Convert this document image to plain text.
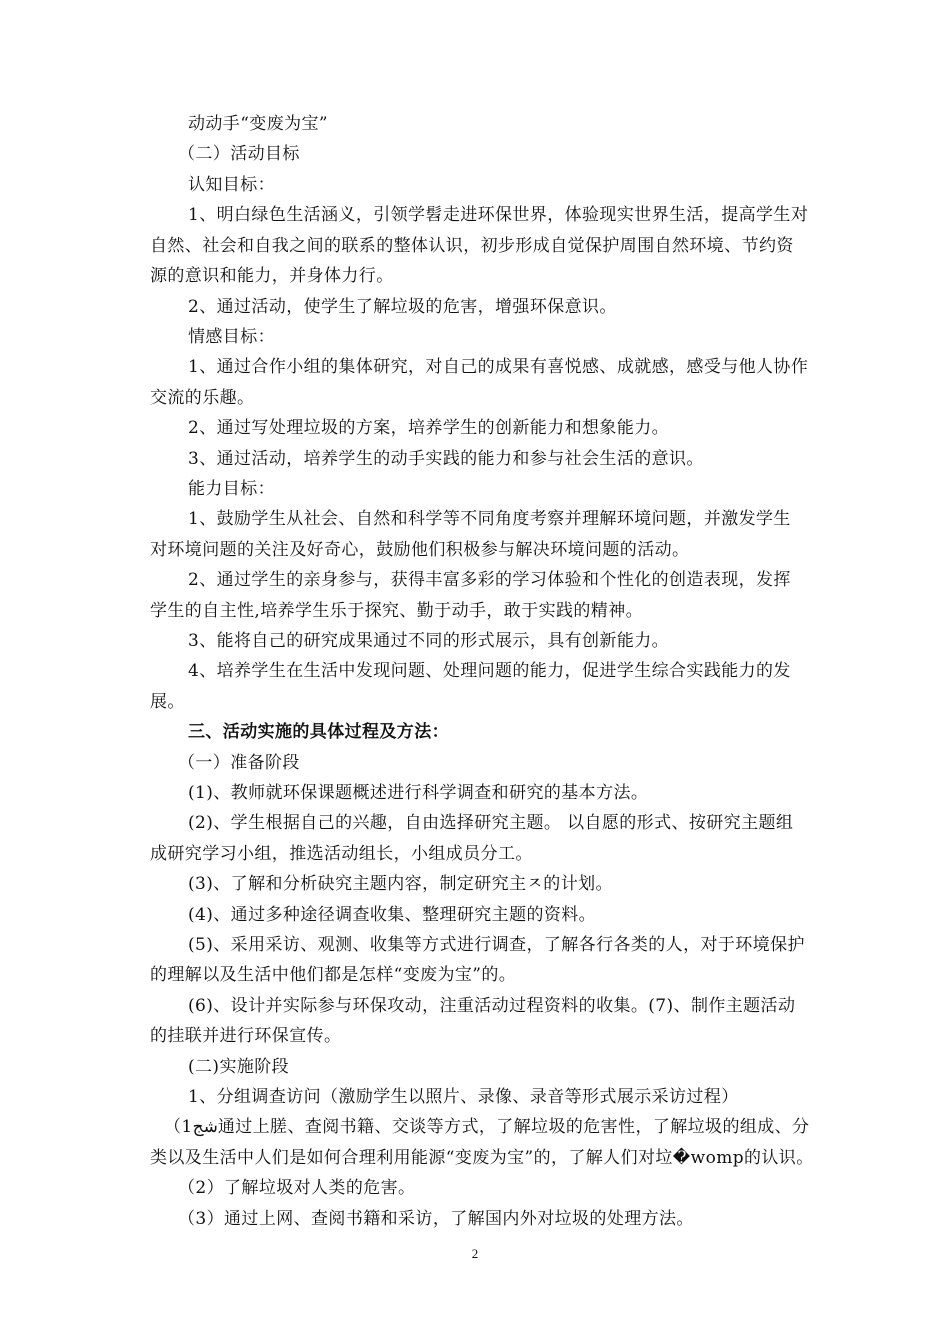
动动手“变废为宝”
（二）活动目标
认知目标：
1、明白绿色生活涵义，引领学髫走进环保世界，体验现实世界生活，提高学生对
自然、社会和自我之间的联系的整体认识，初步形成自觉保护周围自然环境、节约资
源的意识和能力，并身体力行。
2、通过活动，使学生了解垃圾的危害，增强环保意识。
情感目标：
1、通过合作小组的集体研究，对自己的成果有喜悦感、成就感，感受与他人协作
交流的乐趣。
2、通过写处理垃圾的方案，培养学生的创新能力和想象能力。
3、通过活动，培养学生的动手实践的能力和参与社会生活的意识。
能力目标：
1、鼓励学生从社会、自然和科学等不同角度考察并理解环境问题，并激发学生
对环境问题的关注及好奇心，鼓励他们积极参与解决环境问题的活动。
2、通过学生的亲身参与，获得丰富多彩的学习体验和个性化的创造表现，发挥
学生的自主性,培养学生乐于探究、勤于动手，敢于实践的精神。
3、能将自己的研究成果通过不同的形式展示，具有创新能力。
4、培养学生在生活中发现问题、处理问题的能力，促进学生综合实践能力的发
展。
三、活动实施的具体过程及方法：
（一）准备阶段
(1)、教师就环保课题概述进行科学调查和研究的基本方法。
(2)、学生根据自己的兴趣，自由选择研究主题。 以自愿的形式、按研究主题组
成研究学习小组，推选活动组长，小组成员分工。
(3)、了解和分析砄究主题内容，制定研究主ㅈ的计划。
(4)、通过多种途径调查收集、整理研究主题的资料。
(5)、采用采访、观测、收集等方式进行调查，了解各行各类的人，对于环境保护
的理解以及生活中他们都是怎样“变废为宝”的。
(6)、设计并实际参与环保攻动，注重活动过程资料的收集。(7)、制作主题活动
的挂联并进行环保宣传。
(二)实施阶段
1、分组调查访问（激励学生以照片、录像、录音等形式展示采访过程）
（1شج通过上䐤、查阅书籍、交谈等方式，了解垃圾的危害性，了解垃圾的组成、分
类以及生活中人们是如何合理利用能源“变废为宝”的，了解人们对垃�womp的认识。
（2）了解垃圾对人类的危害。
（3）通过上网、查阅书籍和采访，了解国内外对垃圾的处理方法。
2
